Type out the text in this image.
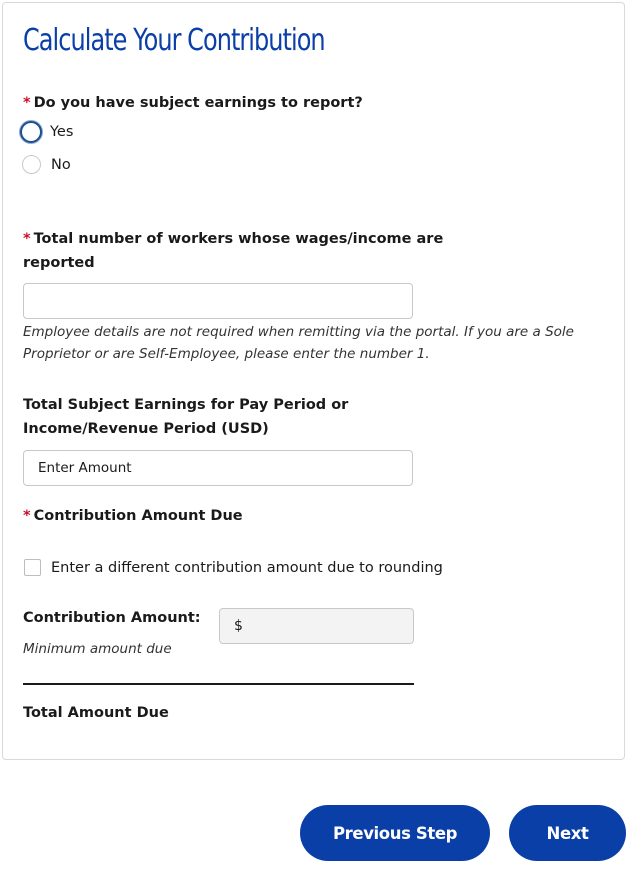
Calculate Your Contribution
* Do you have subject earnings to report?
Yes
No
* Total number of workers whose wages/income are
reported
Employee details are not required when remitting via the portal. If you are a Sole
Proprietor or are Self-Employee, please enter the number 1.
Total Subject Earnings for Pay Period or
Income/Revenue Period (USD)
Enter Amount
* Contribution Amount Due
Enter a different contribution amount due to rounding
Contribution Amount:
Minimum amount due
$
Total Amount Due
Previous Step	Next
